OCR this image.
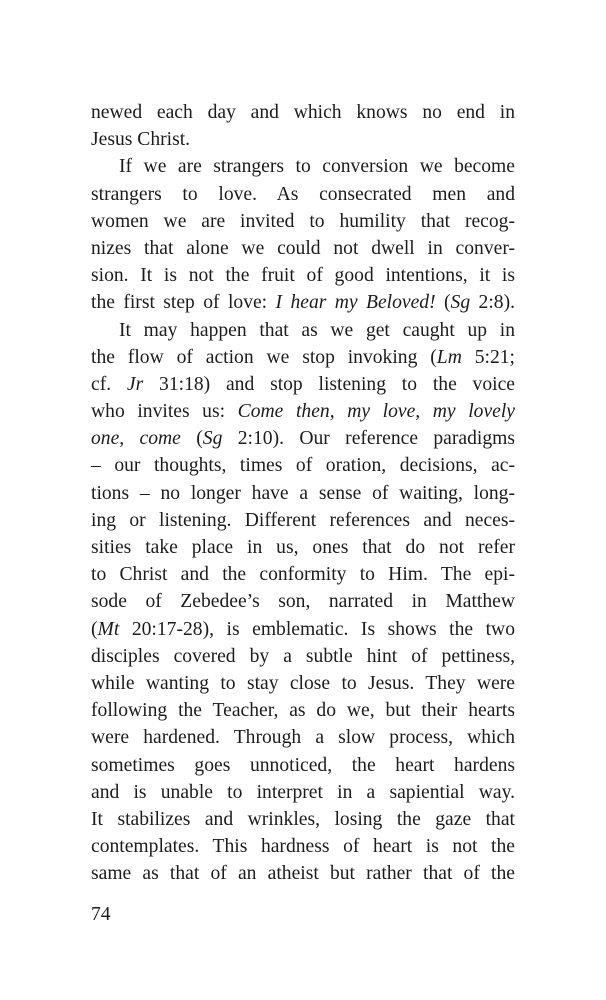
newed each day and which knows no end in
Jesus Christ.
If we are strangers to conversion we become
strangers to love. As consecrated men and
women we are invited to humility that recog-
nizes that alone we could not dwell in conver-
sion. It is not the fruit of good intentions, it is
the first step of love: I hear my Beloved! (Sg 2:8).
It may happen that as we get caught up in
the flow of action we stop invoking (Lm 5:21;
cf. Jr 31:18) and stop listening to the voice
who invites us: Come then, my love, my lovely
one, come (Sg 2:10). Our reference paradigms
– our thoughts, times of oration, decisions, ac-
tions – no longer have a sense of waiting, long-
ing or listening. Different references and neces-
sities take place in us, ones that do not refer
to Christ and the conformity to Him. The epi-
sode of Zebedee’s son, narrated in Matthew
(Mt 20:17-28), is emblematic. Is shows the two
disciples covered by a subtle hint of pettiness,
while wanting to stay close to Jesus. They were
following the Teacher, as do we, but their hearts
were hardened. Through a slow process, which
sometimes goes unnoticed, the heart hardens
and is unable to interpret in a sapiential way.
It stabilizes and wrinkles, losing the gaze that
contemplates. This hardness of heart is not the
same as that of an atheist but rather that of the
74
